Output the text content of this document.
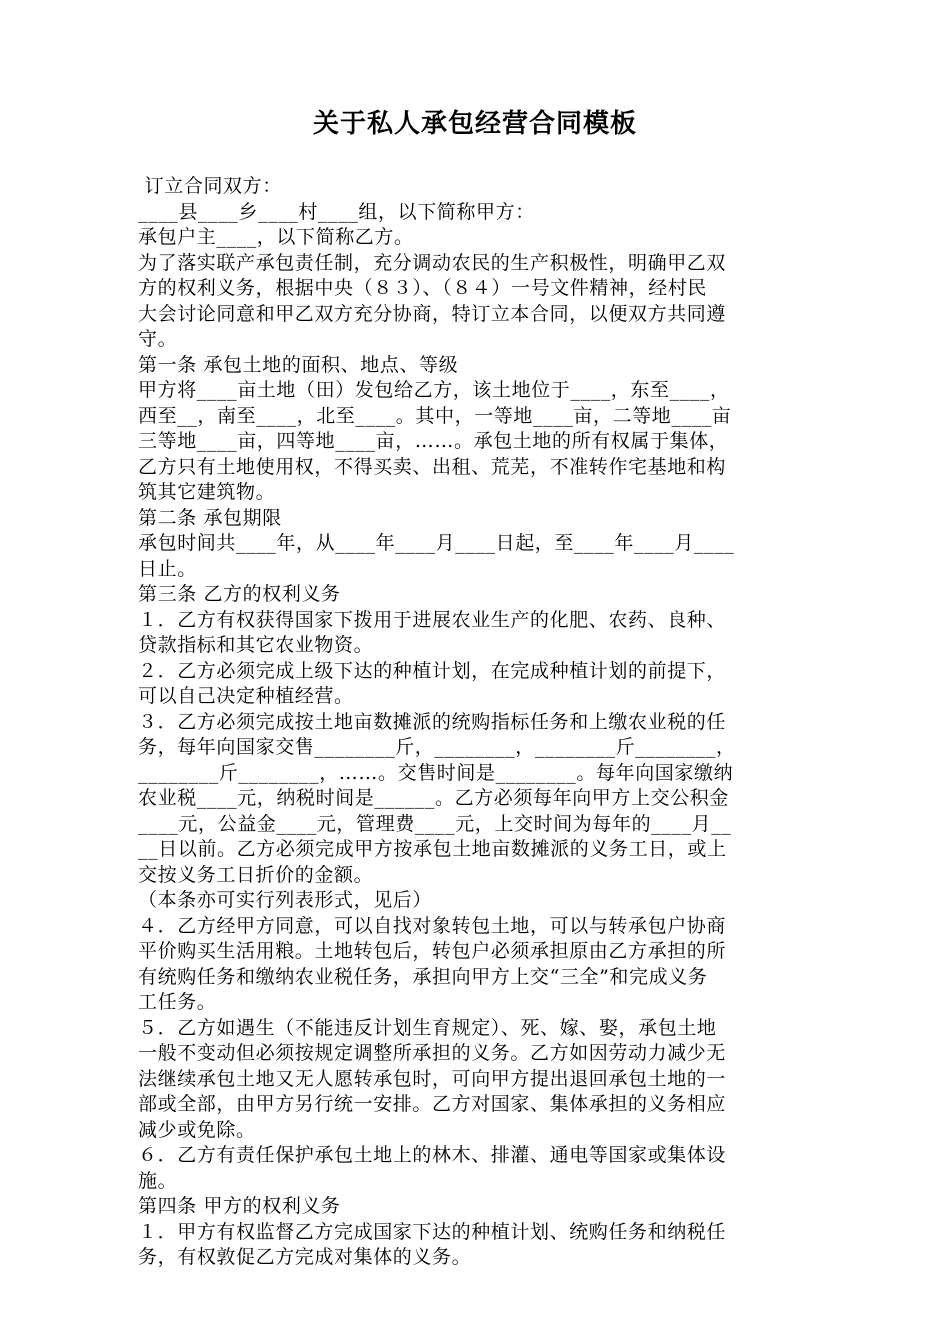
关于私人承包经营合同模板
订立合同双方：
____县____乡____村____组，以下简称甲方：
承包户主____，以下简称乙方。
为了落实联产承包责任制，充分调动农民的生产积极性，明确甲乙双
方的权利义务，根据中央（８３）、（８４）一号文件精神，经村民
大会讨论同意和甲乙双方充分协商，特订立本合同，以便双方共同遵
守。
第一条 承包土地的面积、地点、等级
甲方将____亩土地（田）发包给乙方，该土地位于____，东至____，
西至__，南至____，北至____。其中，一等地____亩，二等地____亩
三等地____亩，四等地____亩，……。承包土地的所有权属于集体，
乙方只有土地使用权，不得买卖、出租、荒芜，不准转作宅基地和构
筑其它建筑物。
第二条 承包期限
承包时间共____年，从____年____月____日起，至____年____月____
日止。
第三条 乙方的权利义务
１．乙方有权获得国家下拨用于进展农业生产的化肥、农药、良种、
贷款指标和其它农业物资。
２．乙方必须完成上级下达的种植计划，在完成种植计划的前提下，
可以自己决定种植经营。
３．乙方必须完成按土地亩数摊派的统购指标任务和上缴农业税的任
务，每年向国家交售________斤，________，________斤________，
________斤________，……。交售时间是________。每年向国家缴纳
农业税____元，纳税时间是______。乙方必须每年向甲方上交公积金
____元，公益金____元，管理费____元，上交时间为每年的____月__
__日以前。乙方必须完成甲方按承包土地亩数摊派的义务工日，或上
交按义务工日折价的金额。
（本条亦可实行列表形式，见后）
４．乙方经甲方同意，可以自找对象转包土地，可以与转承包户协商
平价购买生活用粮。土地转包后，转包户必须承担原由乙方承担的所
有统购任务和缴纳农业税任务，承担向甲方上交“三全”和完成义务
工任务。
５．乙方如遇生（不能违反计划生育规定）、死、嫁、娶，承包土地
一般不变动但必须按规定调整所承担的义务。乙方如因劳动力减少无
法继续承包土地又无人愿转承包时，可向甲方提出退回承包土地的一
部或全部，由甲方另行统一安排。乙方对国家、集体承担的义务相应
减少或免除。
６．乙方有责任保护承包土地上的林木、排灌、通电等国家或集体设
施。
第四条 甲方的权利义务
１．甲方有权监督乙方完成国家下达的种植计划、统购任务和纳税任
务，有权敦促乙方完成对集体的义务。
